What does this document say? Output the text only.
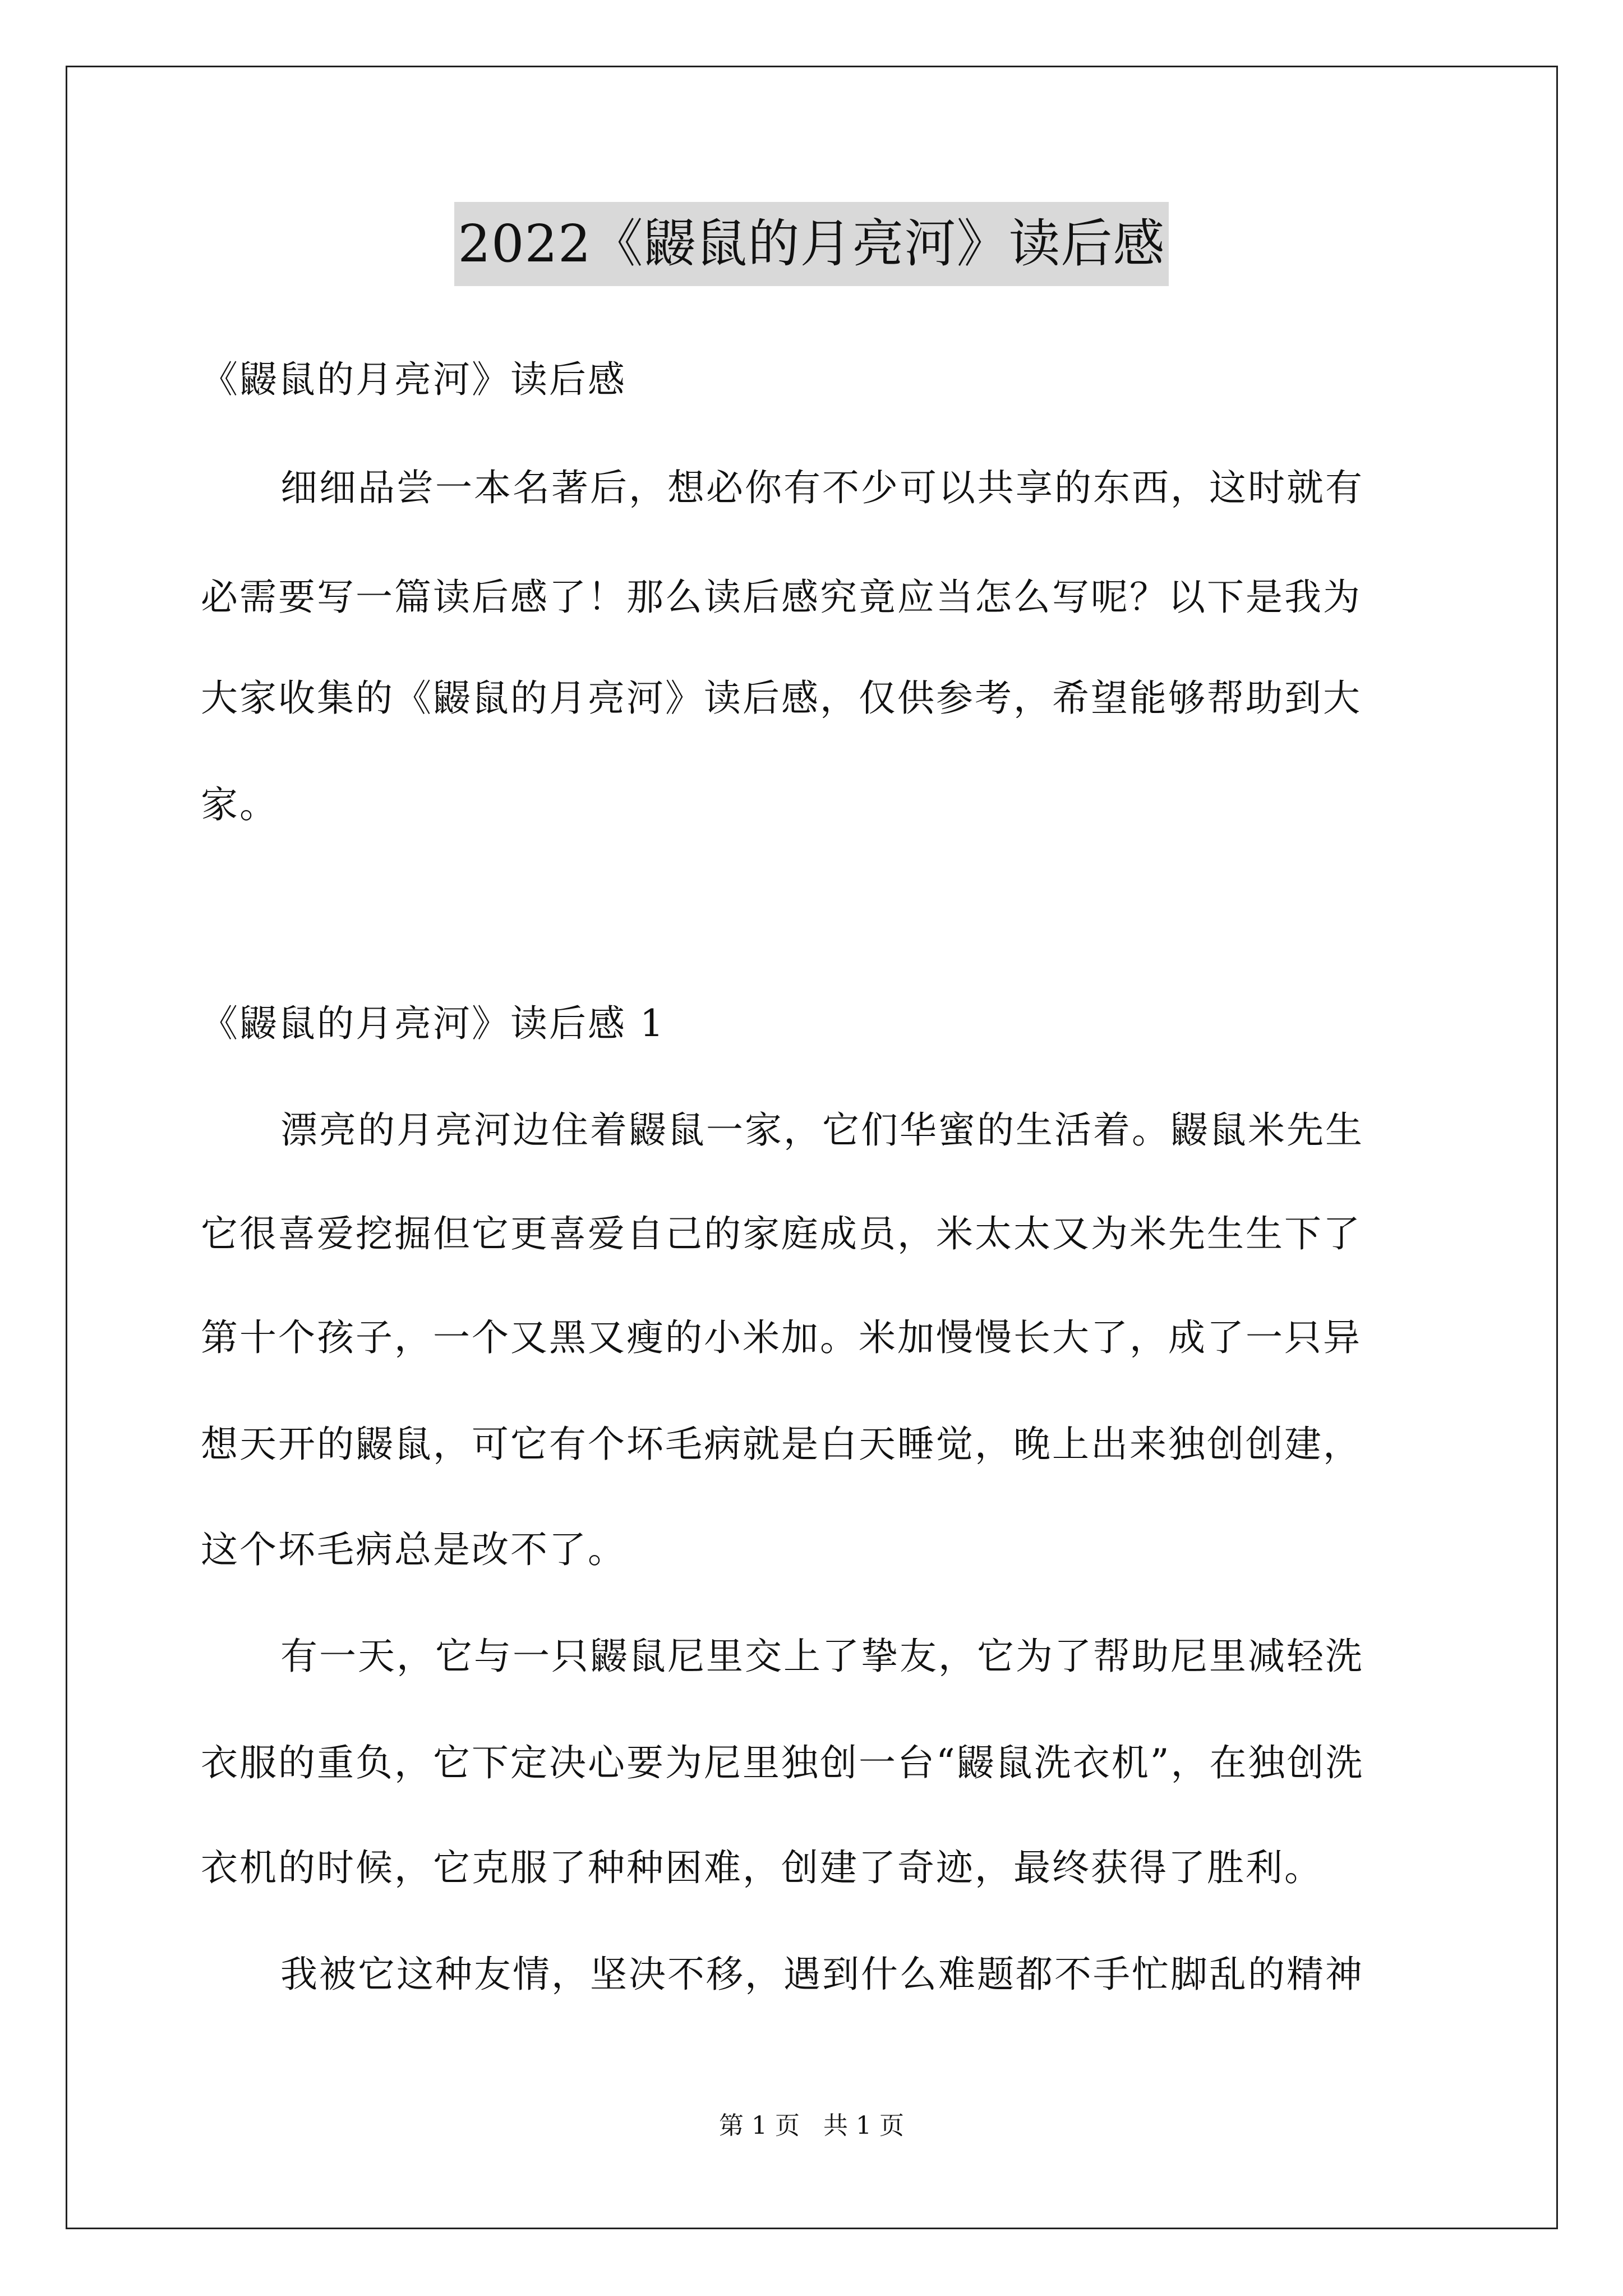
2022《鼹鼠的月亮河》读后感
《鼹鼠的月亮河》读后感
细细品尝一本名著后，想必你有不少可以共享的东西，这时就有
必需要写一篇读后感了！那么读后感究竟应当怎么写呢？以下是我为
大家收集的《鼹鼠的月亮河》读后感，仅供参考，希望能够帮助到大
家。
《鼹鼠的月亮河》读后感 1
漂亮的月亮河边住着鼹鼠一家，它们华蜜的生活着。鼹鼠米先生
它很喜爱挖掘但它更喜爱自己的家庭成员，米太太又为米先生生下了
第十个孩子，一个又黑又瘦的小米加。米加慢慢长大了，成了一只异
想天开的鼹鼠，可它有个坏毛病就是白天睡觉，晚上出来独创创建，
这个坏毛病总是改不了。
有一天，它与一只鼹鼠尼里交上了挚友，它为了帮助尼里减轻洗
衣服的重负，它下定决心要为尼里独创一台“鼹鼠洗衣机”，在独创洗
衣机的时候，它克服了种种困难，创建了奇迹，最终获得了胜利。
我被它这种友情，坚决不移，遇到什么难题都不手忙脚乱的精神
第 1 页   共 1 页
